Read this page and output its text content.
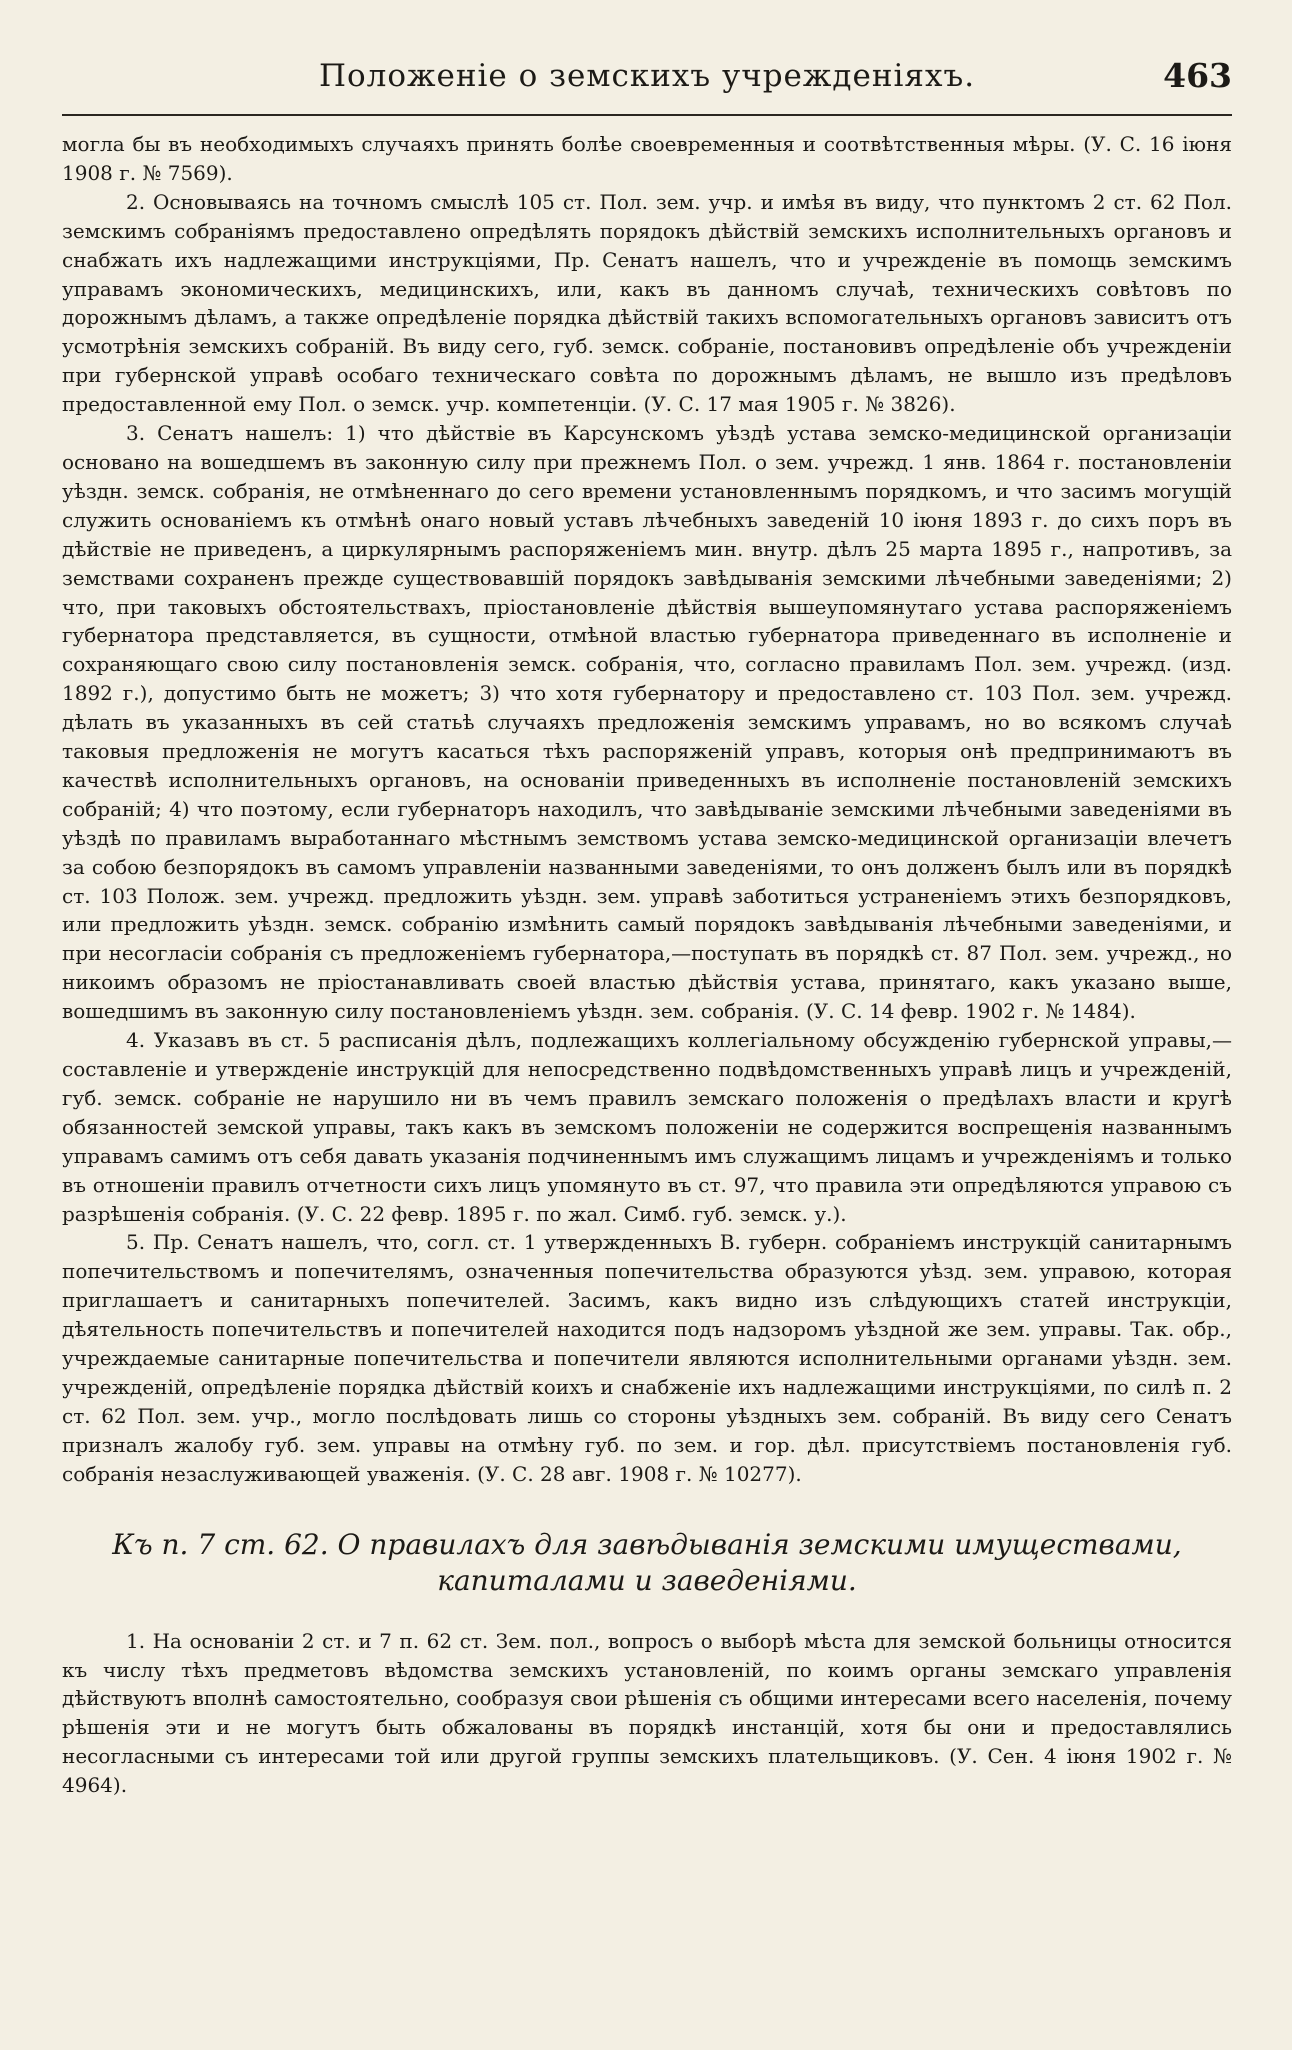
Положеніе о земскихъ учрежденіяхъ.	463

могла бы въ необходимыхъ случаяхъ принять болѣе своевременныя и соотвѣтственныя мѣры. (У. С. 16 іюня 1908 г. № 7569).

2. Основываясь на точномъ смыслѣ 105 ст. Пол. зем. учр. и имѣя въ виду, что пунктомъ 2 ст. 62 Пол. земскимъ собраніямъ предоставлено опредѣлять порядокъ дѣйствій земскихъ исполнительныхъ органовъ и снабжать ихъ надлежащими инструкціями, Пр. Сенатъ нашелъ, что и учрежденіе въ помощь земскимъ управамъ экономическихъ, медицинскихъ, или, какъ въ данномъ случаѣ, техническихъ совѣтовъ по дорожнымъ дѣламъ, а также опредѣленіе порядка дѣйствій такихъ вспомогательныхъ органовъ зависитъ отъ усмотрѣнія земскихъ собраній. Въ виду сего, губ. земск. собраніе, постановивъ опредѣленіе объ учрежденіи при губернской управѣ особаго техническаго совѣта по дорожнымъ дѣламъ, не вышло изъ предѣловъ предоставленной ему Пол. о земск. учр. компетенціи. (У. С. 17 мая 1905 г. № 3826).

3. Сенатъ нашелъ: 1) что дѣйствіе въ Карсунскомъ уѣздѣ устава земско-медицинской организаціи основано на вошедшемъ въ законную силу при прежнемъ Пол. о зем. учрежд. 1 янв. 1864 г. постановленіи уѣздн. земск. собранія, не отмѣненнаго до сего времени установленнымъ порядкомъ, и что засимъ могущій служить основаніемъ къ отмѣнѣ онаго новый уставъ лѣчебныхъ заведеній 10 іюня 1893 г. до сихъ поръ въ дѣйствіе не приведенъ, а циркулярнымъ распоряженіемъ мин. внутр. дѣлъ 25 марта 1895 г., напротивъ, за земствами сохраненъ прежде существовавшій порядокъ завѣдыванія земскими лѣчебными заведеніями; 2) что, при таковыхъ обстоятельствахъ, пріостановленіе дѣйствія вышеупомянутаго устава распоряженіемъ губернатора представляется, въ сущности, отмѣной властью губернатора приведеннаго въ исполненіе и сохраняющаго свою силу постановленія земск. собранія, что, согласно правиламъ Пол. зем. учрежд. (изд. 1892 г.), допустимо быть не можетъ; 3) что хотя губернатору и предоставлено ст. 103 Пол. зем. учрежд. дѣлать въ указанныхъ въ сей статьѣ случаяхъ предложенія земскимъ управамъ, но во всякомъ случаѣ таковыя предложенія не могутъ касаться тѣхъ распоряженій управъ, которыя онѣ предпринимаютъ въ качествѣ исполнительныхъ органовъ, на основаніи приведенныхъ въ исполненіе постановленій земскихъ собраній; 4) что поэтому, если губернаторъ находилъ, что завѣдываніе земскими лѣчебными заведеніями въ уѣздѣ по правиламъ выработаннаго мѣстнымъ земствомъ устава земско-медицинской организаціи влечетъ за собою безпорядокъ въ самомъ управленіи названными заведеніями, то онъ долженъ былъ или въ порядкѣ ст. 103 Полож. зем. учрежд. предложить уѣздн. зем. управѣ заботиться устраненіемъ этихъ безпорядковъ, или предложить уѣздн. земск. собранію измѣнить самый порядокъ завѣдыванія лѣчебными заведеніями, и при несогласіи собранія съ предложеніемъ губернатора,—поступать въ порядкѣ ст. 87 Пол. зем. учрежд., но никоимъ образомъ не пріостанавливать своей властью дѣйствія устава, принятаго, какъ указано выше, вошедшимъ въ законную силу постановленіемъ уѣздн. зем. собранія. (У. С. 14 февр. 1902 г. № 1484).

4. Указавъ въ ст. 5 расписанія дѣлъ, подлежащихъ коллегіальному обсужденію губернской управы,—составленіе и утвержденіе инструкцій для непосредственно подвѣдомственныхъ управѣ лицъ и учрежденій, губ. земск. собраніе не нарушило ни въ чемъ правилъ земскаго положенія о предѣлахъ власти и кругѣ обязанностей земской управы, такъ какъ въ земскомъ положеніи не содержится воспрещенія названнымъ управамъ самимъ отъ себя давать указанія подчиненнымъ имъ служащимъ лицамъ и учрежденіямъ и только въ отношеніи правилъ отчетности сихъ лицъ упомянуто въ ст. 97, что правила эти опредѣляются управою съ разрѣшенія собранія. (У. С. 22 февр. 1895 г. по жал. Симб. губ. земск. у.).

5. Пр. Сенатъ нашелъ, что, согл. ст. 1 утвержденныхъ В. губерн. собраніемъ инструкцій санитарнымъ попечительствомъ и попечителямъ, означенныя попечительства образуются уѣзд. зем. управою, которая приглашаетъ и санитарныхъ попечителей. Засимъ, какъ видно изъ слѣдующихъ статей инструкціи, дѣятельность попечительствъ и попечителей находится подъ надзоромъ уѣздной же зем. управы. Так. обр., учреждаемые санитарные попечительства и попечители являются исполнительными органами уѣздн. зем. учрежденій, опредѣленіе порядка дѣйствій коихъ и снабженіе ихъ надлежащими инструкціями, по силѣ п. 2 ст. 62 Пол. зем. учр., могло послѣдовать лишь со стороны уѣздныхъ зем. собраній. Въ виду сего Сенатъ призналъ жалобу губ. зем. управы на отмѣну губ. по зем. и гор. дѣл. присутствіемъ постановленія губ. собранія незаслуживающей уваженія. (У. С. 28 авг. 1908 г. № 10277).

Къ п. 7 ст. 62. О правилахъ для завѣдыванія земскими имуществами,
капиталами и заведеніями.

1. На основаніи 2 ст. и 7 п. 62 ст. Зем. пол., вопросъ о выборѣ мѣста для земской больницы относится къ числу тѣхъ предметовъ вѣдомства земскихъ установленій, по коимъ органы земскаго управленія дѣйствуютъ вполнѣ самостоятельно, сообразуя свои рѣшенія съ общими интересами всего населенія, почему рѣшенія эти и не могутъ быть обжалованы въ порядкѣ инстанцій, хотя бы они и предоставлялись несогласными съ интересами той или другой группы земскихъ плательщиковъ. (У. Сен. 4 іюня 1902 г. № 4964).
